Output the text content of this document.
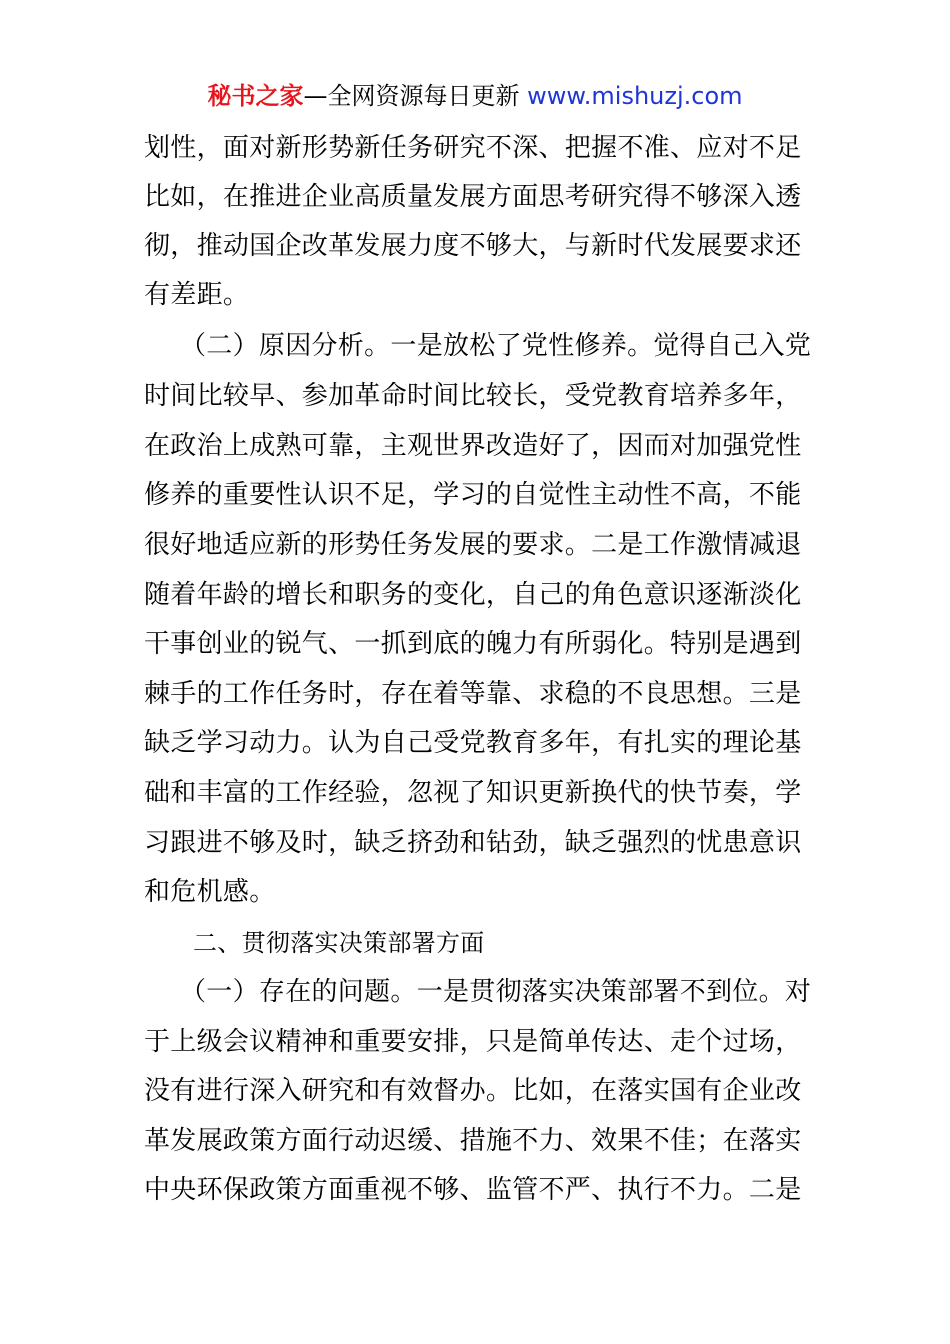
秘书之家—全网资源每日更新 www.mishuzj.com
划性，面对新形势新任务研究不深、把握不准、应对不足
比如，在推进企业高质量发展方面思考研究得不够深入透
彻，推动国企改革发展力度不够大，与新时代发展要求还
有差距。
（二）原因分析。一是放松了党性修养。觉得自己入党
时间比较早、参加革命时间比较长，受党教育培养多年，
在政治上成熟可靠，主观世界改造好了，因而对加强党性
修养的重要性认识不足，学习的自觉性主动性不高，不能
很好地适应新的形势任务发展的要求。二是工作激情减退
随着年龄的增长和职务的变化，自己的角色意识逐渐淡化
干事创业的锐气、一抓到底的魄力有所弱化。特别是遇到
棘手的工作任务时，存在着等靠、求稳的不良思想。三是
缺乏学习动力。认为自己受党教育多年，有扎实的理论基
础和丰富的工作经验，忽视了知识更新换代的快节奏，学
习跟进不够及时，缺乏挤劲和钻劲，缺乏强烈的忧患意识
和危机感。
二、贯彻落实决策部署方面
（一）存在的问题。一是贯彻落实决策部署不到位。对
于上级会议精神和重要安排，只是简单传达、走个过场，
没有进行深入研究和有效督办。比如，在落实国有企业改
革发展政策方面行动迟缓、措施不力、效果不佳；在落实
中央环保政策方面重视不够、监管不严、执行不力。二是
